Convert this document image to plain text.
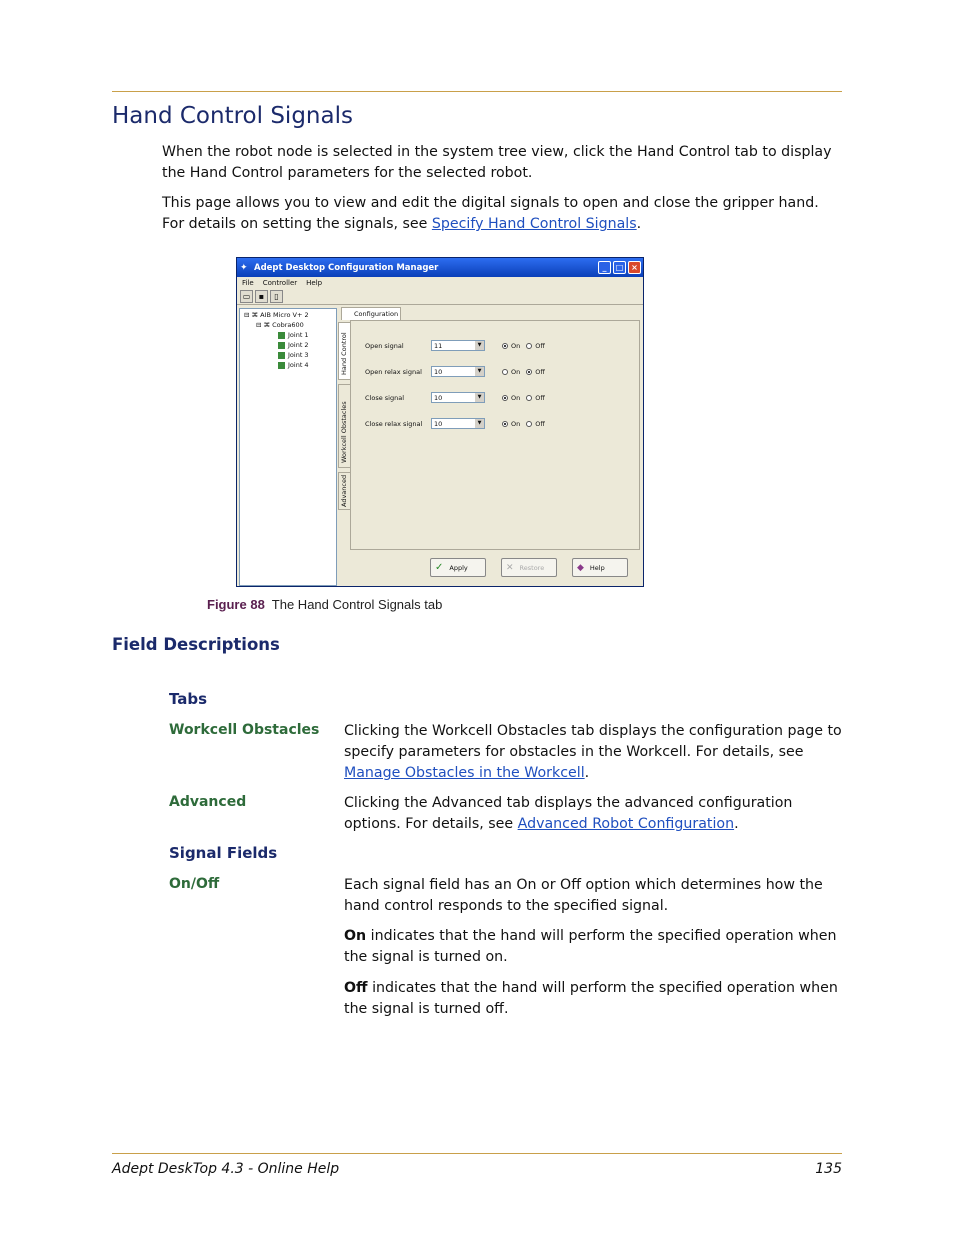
Hand Control Signals
When the robot node is selected in the system tree view, click the Hand Control tab to display the Hand Control parameters for the selected robot.
This page allows you to view and edit the digital signals to open and close the gripper hand. For details on setting the signals, see Specify Hand Control Signals.
✦ Adept Desktop Configuration Manager	_	□ ×
File Controller Help
▭	▪	▯
⊟ ⌘ AIB Micro V+ 2
⊟ ⌘ Cobra600
Joint 1
Joint 2
Joint 3
Joint 4	Hand Control
Workcell Obstacles
Advanced
Configuration
Open signal	11	▼	On Off
Open relax signal	10	▼	On Off
Close signal	10	▼	On Off
Close relax signal	10	▼	On Off
✓ Apply	✕ Restore	◆ Help
Figure 88 The Hand Control Signals tab
Field Descriptions
Tabs
Workcell Obstacles Clicking the Workcell Obstacles tab displays the configuration page to specify parameters for obstacles in the Workcell. For details, see Manage Obstacles in the Workcell.
Advanced	Clicking the Advanced tab displays the advanced configuration options. For details, see Advanced Robot Configuration.
Signal Fields
On/Off	Each signal field has an On or Off option which determines how the hand control responds to the specified signal.
On indicates that the hand will perform the specified operation when the signal is turned on.
Off indicates that the hand will perform the specified operation when the signal is turned off.
Adept DeskTop 4.3 - Online Help	135
